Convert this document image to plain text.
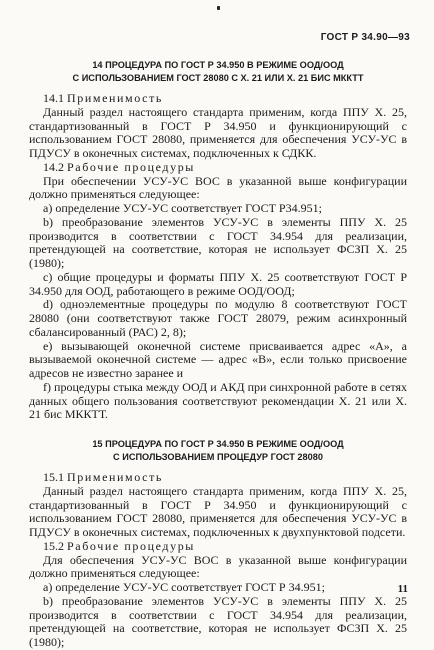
ГОСТ Р 34.90—93
14 ПРОЦЕДУРА ПО ГОСТ Р 34.950 В РЕЖИМЕ ООД/ООД
С ИСПОЛЬЗОВАНИЕМ ГОСТ 28080 С Х. 21 ИЛИ Х. 21 БИС МККТТ

14.1 Применимость

Данный раздел настоящего стандарта применим, когда ППУ Х. 25, стандартизованный в ГОСТ Р 34.950 и функционирующий с использованием ГОСТ 28080, применяется для обеспечения УСУ-УС в ПДУСУ в оконечных системах, подключенных к СДКК.

14.2 Рабочие процедуры

При обеспечении УСУ-УС ВОС в указанной выше конфигурации должно применяться следующее:

a) определение УСУ-УС соответствует ГОСТ Р34.951;

b) преобразование элементов УСУ-УС в элементы ППУ Х. 25 производится в соответствии с ГОСТ 34.954 для реализации, претендующей на соответствие, которая не использует ФСЗП Х. 25 (1980);

c) общие процедуры и форматы ППУ Х. 25 соответствуют ГОСТ Р 34.950 для ООД, работающего в режиме ООД/ООД;

d) одноэлементные процедуры по модулю 8 соответствуют ГОСТ 28080 (они соответствуют также ГОСТ 28079, режим асинхронный сбалансированный (РАС) 2, 8);

e) вызывающей оконечной системе присваивается адрес «А», а вызываемой оконечной системе — адрес «В», если только присвоение адресов не известно заранее и

f) процедуры стыка между ООД и АКД при синхронной работе в сетях данных общего пользования соответствуют рекомендации Х. 21 или Х. 21 бис МККТТ.

15 ПРОЦЕДУРА ПО ГОСТ Р 34.950 В РЕЖИМЕ ООД/ООД
С ИСПОЛЬЗОВАНИЕМ ПРОЦЕДУР ГОСТ 28080

15.1 Применимость

Данный раздел настоящего стандарта применим, когда ППУ Х. 25, стандартизованный в ГОСТ Р 34.950 и функционирующий с использованием ГОСТ 28080, применяется для обеспечения УСУ-УС в ПДУСУ в оконечных системах, подключенных к двухпунктовой подсети.

15.2 Рабочие процедуры

Для обеспечения УСУ-УС ВОС в указанной выше конфигурации должно применяться следующее:

a) определение УСУ-УС соответствует ГОСТ Р 34.951;

b) преобразование элементов УСУ-УС в элементы ППУ Х. 25 производится в соответствии с ГОСТ 34.954 для реализации, претендующей на соответствие, которая не использует ФСЗП Х. 25 (1980);

11
